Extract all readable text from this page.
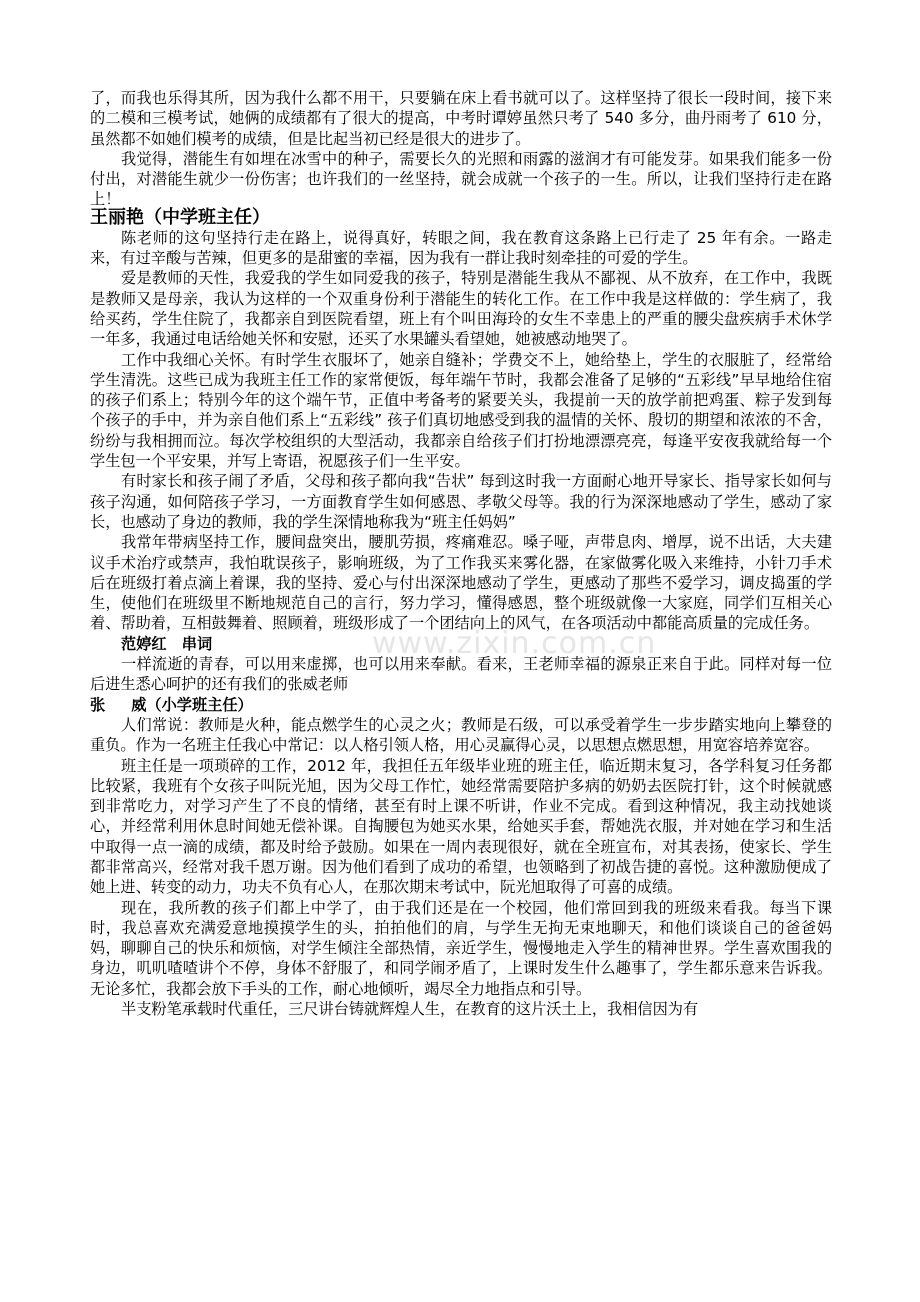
www.zixin.com.cn

了，而我也乐得其所，因为我什么都不用干，只要躺在床上看书就可以了。这样坚持了很长一段时间，接下来的二模和三模考试，她俩的成绩都有了很大的提高，中考时谭婷虽然只考了 540 多分，曲丹雨考了 610 分，虽然都不如她们模考的成绩，但是比起当初已经是很大的进步了。

我觉得，潜能生有如埋在冰雪中的种子，需要长久的光照和雨露的滋润才有可能发芽。如果我们能多一份付出，对潜能生就少一份伤害；也许我们的一丝坚持，就会成就一个孩子的一生。所以，让我们坚持行走在路上！

王丽艳（中学班主任）

陈老师的这句坚持行走在路上，说得真好，转眼之间，我在教育这条路上已行走了 25 年有余。一路走来，有过辛酸与苦辣，但更多的是甜蜜的幸福，因为我有一群让我时刻牵挂的可爱的学生。

爱是教师的天性，我爱我的学生如同爱我的孩子，特别是潜能生我从不鄙视、从不放弃，在工作中，我既是教师又是母亲，我认为这样的一个双重身份利于潜能生的转化工作。在工作中我是这样做的：学生病了，我给买药，学生住院了，我都亲自到医院看望，班上有个叫田海玲的女生不幸患上的严重的腰尖盘疾病手术休学一年多，我通过电话给她关怀和安慰，还买了水果罐头看望她，她被感动地哭了。

工作中我细心关怀。有时学生衣服坏了，她亲自缝补；学费交不上，她给垫上，学生的衣服脏了，经常给学生清洗。这些已成为我班主任工作的家常便饭，每年端午节时，我都会准备了足够的“五彩线”早早地给住宿的孩子们系上；特别今年的这个端午节，正值中考备考的紧要关头，我提前一天的放学前把鸡蛋、粽子发到每个孩子的手中，并为亲自他们系上“五彩线” 孩子们真切地感受到我的温情的关怀、殷切的期望和浓浓的不舍，纷纷与我相拥而泣。每次学校组织的大型活动，我都亲自给孩子们打扮地漂漂亮亮，每逢平安夜我就给每一个学生包一个平安果，并写上寄语，祝愿孩子们一生平安。

有时家长和孩子闹了矛盾，父母和孩子都向我“告状” 每到这时我一方面耐心地开导家长、指导家长如何与孩子沟通，如何陪孩子学习，一方面教育学生如何感恩、孝敬父母等。我的行为深深地感动了学生，感动了家长，也感动了身边的教师，我的学生深情地称我为“班主任妈妈”

我常年带病坚持工作，腰间盘突出，腰肌劳损，疼痛难忍。嗓子哑，声带息肉、增厚，说不出话，大夫建议手术治疗或禁声，我怕耽误孩子，影响班级，为了工作我买来雾化器，在家做雾化吸入来维持，小针刀手术后在班级打着点滴上着课，我的坚持、爱心与付出深深地感动了学生，更感动了那些不爱学习，调皮捣蛋的学生，使他们在班级里不断地规范自己的言行，努力学习，懂得感恩，整个班级就像一大家庭，同学们互相关心着、帮助着，互相鼓舞着、照顾着，班级形成了一个团结向上的风气，在各项活动中都能高质量的完成任务。

范婷红　串词

一样流逝的青春，可以用来虚掷，也可以用来奉献。看来，王老师幸福的源泉正来自于此。同样对每一位后进生悉心呵护的还有我们的张威老师

张 威（小学班主任）

人们常说：教师是火种，能点燃学生的心灵之火；教师是石级，可以承受着学生一步步踏实地向上攀登的重负。作为一名班主任我心中常记：以人格引领人格，用心灵赢得心灵，以思想点燃思想，用宽容培养宽容。

班主任是一项琐碎的工作，2012 年，我担任五年级毕业班的班主任，临近期末复习，各学科复习任务都比较紧，我班有个女孩子叫阮光旭，因为父母工作忙，她经常需要陪护多病的奶奶去医院打针，这个时候就感到非常吃力，对学习产生了不良的情绪，甚至有时上课不听讲，作业不完成。看到这种情况，我主动找她谈心，并经常利用休息时间她无偿补课。自掏腰包为她买水果，给她买手套，帮她洗衣服，并对她在学习和生活中取得一点一滴的成绩，都及时给予鼓励。如果在一周内表现很好，就在全班宣布，对其表扬，使家长、学生都非常高兴，经常对我千恩万谢。因为他们看到了成功的希望，也领略到了初战告捷的喜悦。这种激励便成了她上进、转变的动力，功夫不负有心人，在那次期末考试中，阮光旭取得了可喜的成绩。

现在，我所教的孩子们都上中学了，由于我们还是在一个校园，他们常回到我的班级来看我。每当下课时，我总喜欢充满爱意地摸摸学生的头，拍拍他们的肩，与学生无拘无束地聊天，和他们谈谈自己的爸爸妈妈，聊聊自己的快乐和烦恼，对学生倾注全部热情，亲近学生，慢慢地走入学生的精神世界。学生喜欢围我的身边，叽叽喳喳讲个不停，身体不舒服了，和同学闹矛盾了，上课时发生什么趣事了，学生都乐意来告诉我。无论多忙，我都会放下手头的工作，耐心地倾听，竭尽全力地指点和引导。

半支粉笔承载时代重任，三尺讲台铸就辉煌人生，在教育的这片沃土上，我相信因为有
